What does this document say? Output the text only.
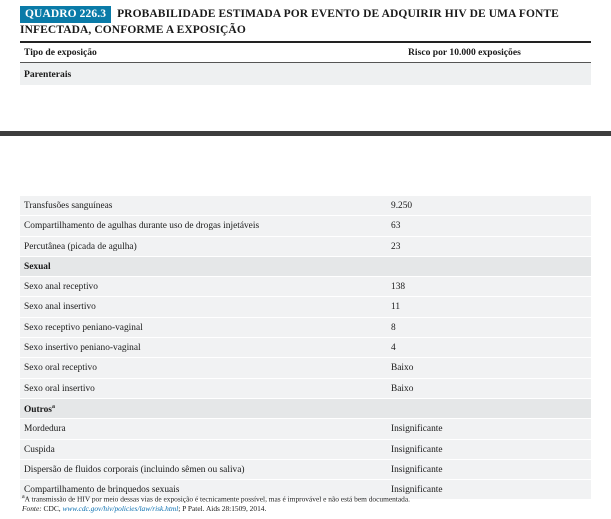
QUADRO 226.3 PROBABILIDADE ESTIMADA POR EVENTO DE ADQUIRIR HIV DE UMA FONTE INFECTADA, CONFORME A EXPOSIÇÃO
Tipo de exposição	Risco por 10.000 exposições
Parenterais
Transfusões sanguíneas	9.250
Compartilhamento de agulhas durante uso de drogas injetáveis	63
Percutânea (picada de agulha)	23
Sexual
Sexo anal receptivo	138
Sexo anal insertivo	11
Sexo receptivo peniano-vaginal	8
Sexo insertivo peniano-vaginal	4
Sexo oral receptivo	Baixo
Sexo oral insertivo	Baixo
Outros$^a$
Mordedura	Insignificante
Cuspida	Insignificante
Dispersão de fluidos corporais (incluindo sêmen ou saliva)	Insignificante
Compartilhamento de brinquedos sexuais	Insignificante
$^a$A transmissão de HIV por meio dessas vias de exposição é tecnicamente possível, mas é improvável e não está bem documentada.
Fonte: CDC, www.cdc.gov/hiv/policies/law/risk.html; P Patel. Aids 28:1509, 2014.
